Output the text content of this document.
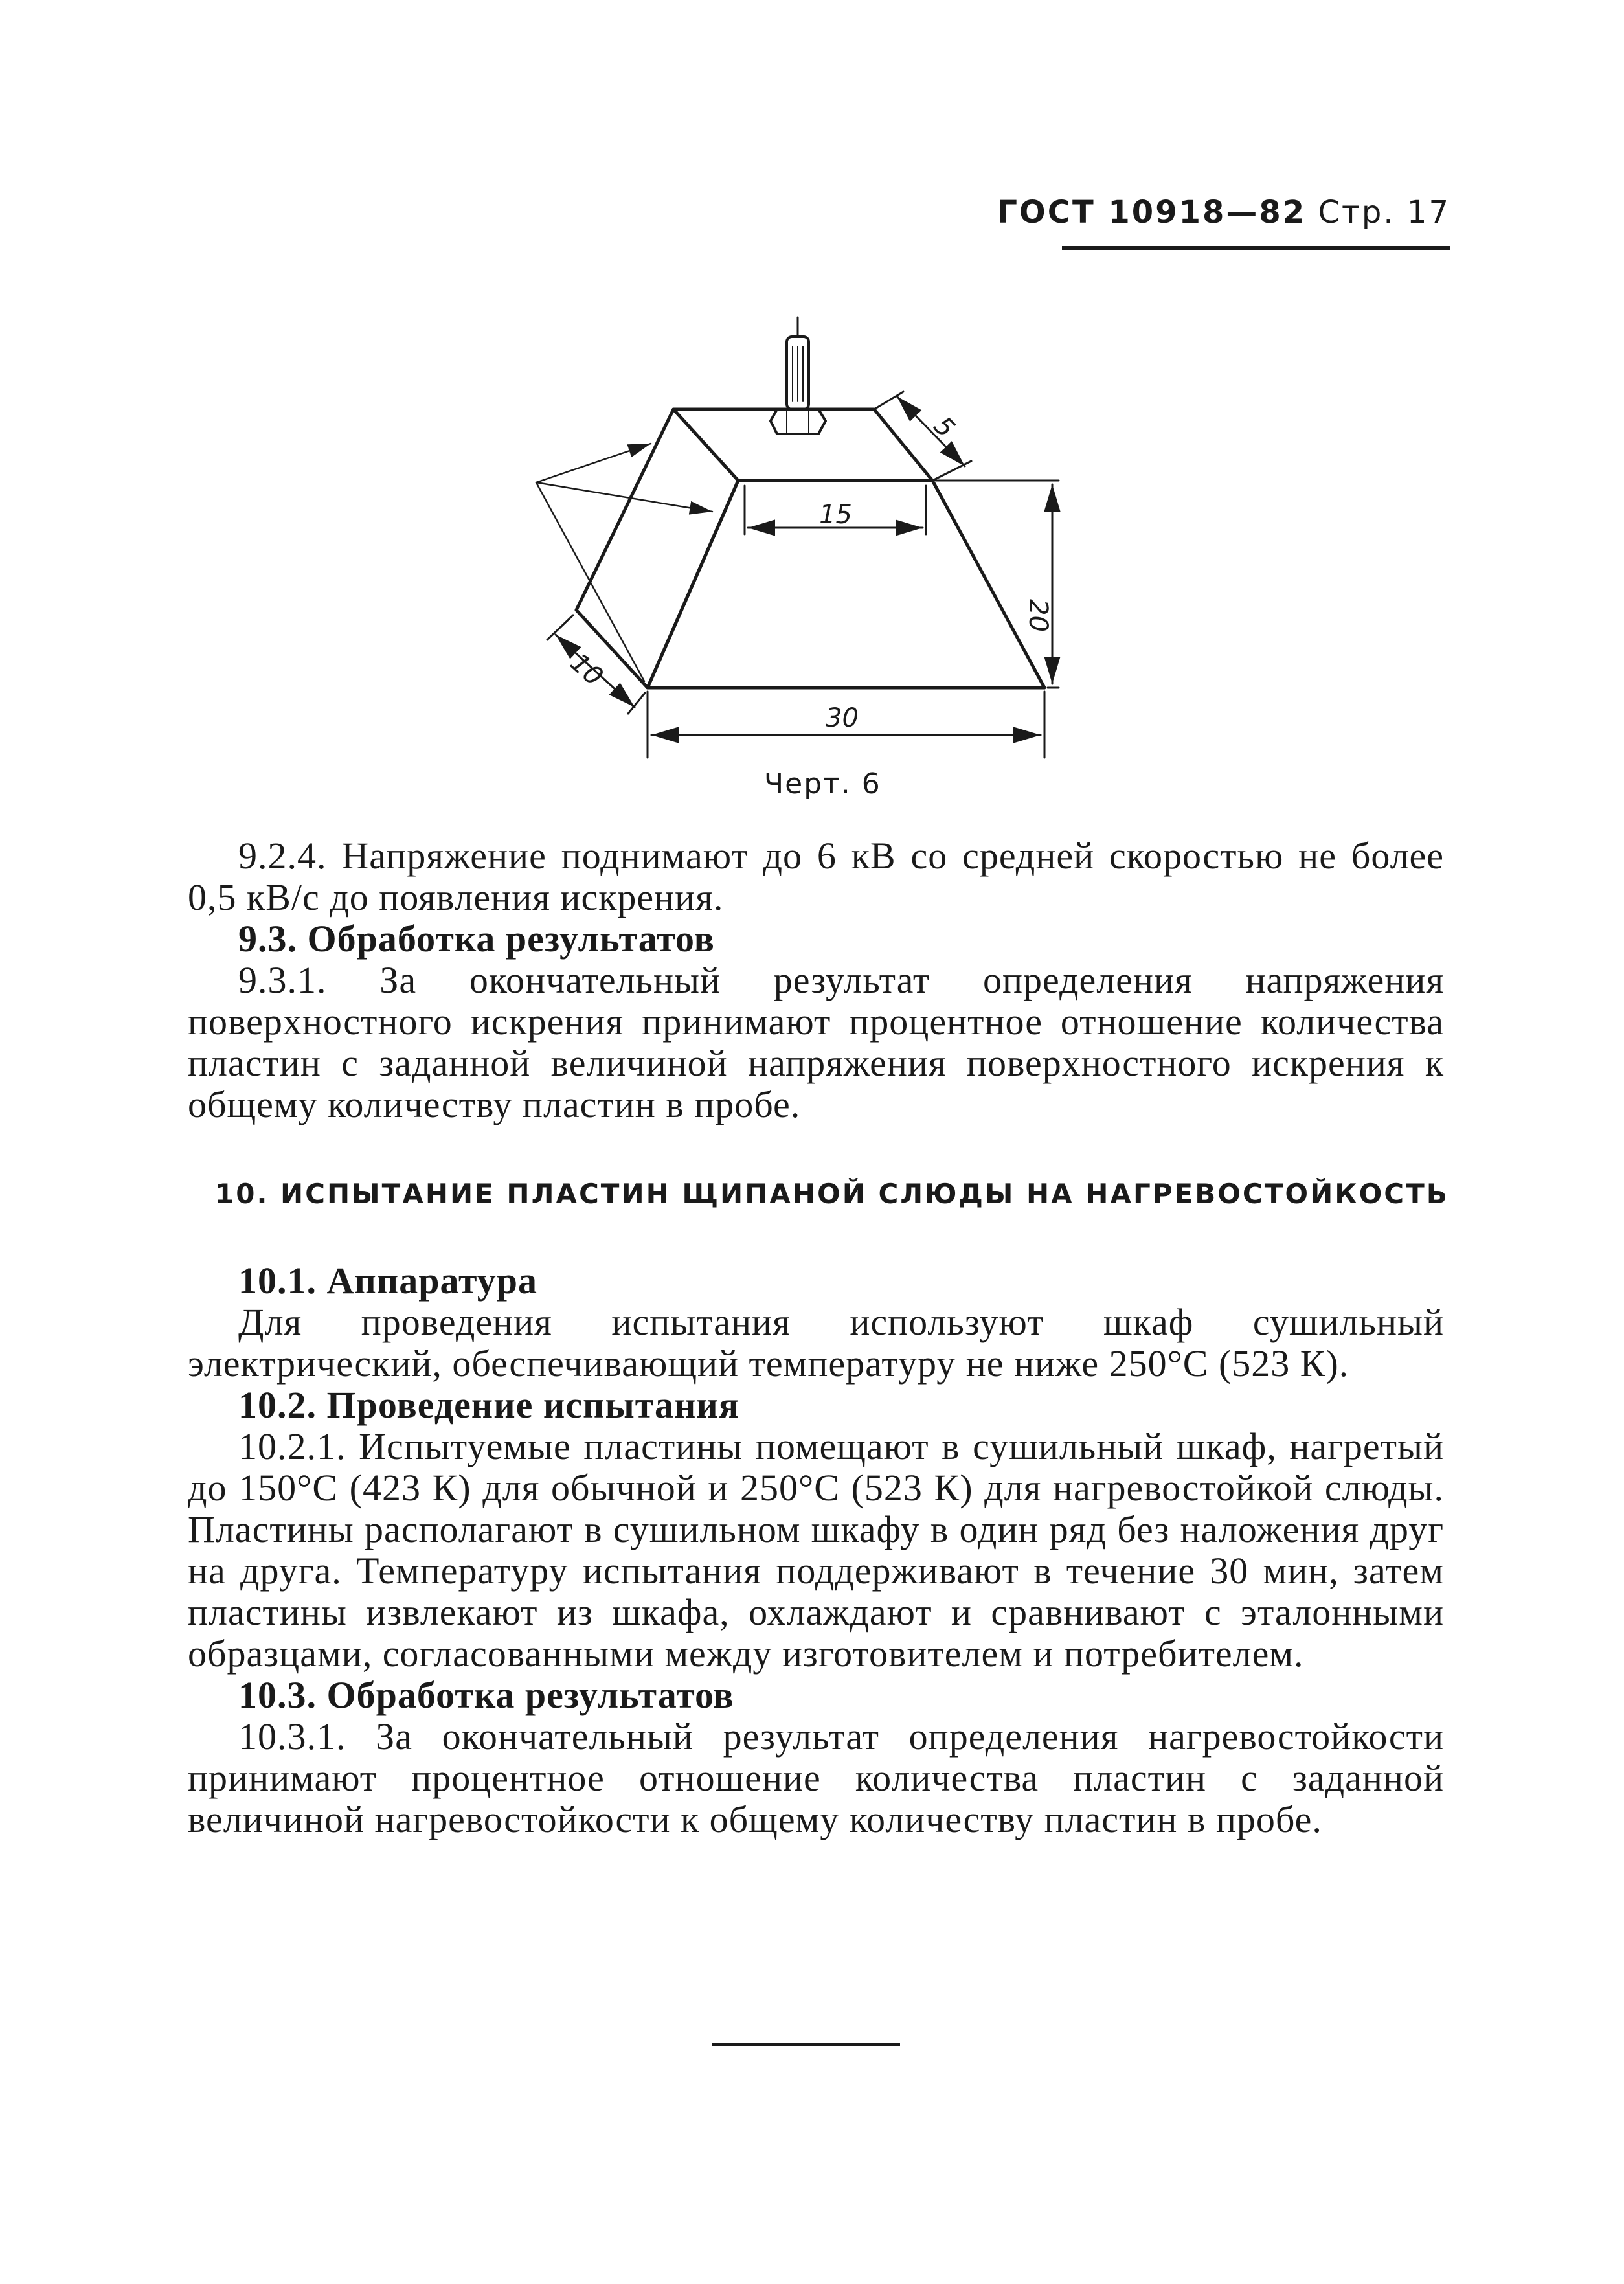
ГОСТ 10918—82 Стр. 17
15
5
20
30
10
Черт. 6

9.2.4. Напряжение поднимают до 6 кВ со средней скоростью не более 0,5 кВ/с до появления искрения.

9.3. Обработка результатов

9.3.1. За окончательный результат определения напряжения поверхностного искрения принимают процентное отношение количества пластин с заданной величиной напряжения поверхностного искрения к общему количеству пластин в пробе.

10. ИСПЫТАНИЕ ПЛАСТИН ЩИПАНОЙ СЛЮДЫ НА НАГРЕВОСТОЙКОСТЬ

10.1. Аппаратура

Для проведения испытания используют шкаф сушильный электрический, обеспечивающий температуру не ниже 250°С (523 К).

10.2. Проведение испытания

10.2.1. Испытуемые пластины помещают в сушильный шкаф, нагретый до 150°С (423 К) для обычной и 250°С (523 К) для нагревостойкой слюды. Пластины располагают в сушильном шкафу в один ряд без наложения друг на друга. Температуру испытания поддерживают в течение 30 мин, затем пластины извлекают из шкафа, охлаждают и сравнивают с эталонными образцами, согласованными между изготовителем и потребителем.

10.3. Обработка результатов

10.3.1. За окончательный результат определения нагревостойкости принимают процентное отношение количества пластин с заданной величиной нагревостойкости к общему количеству пластин в пробе.
